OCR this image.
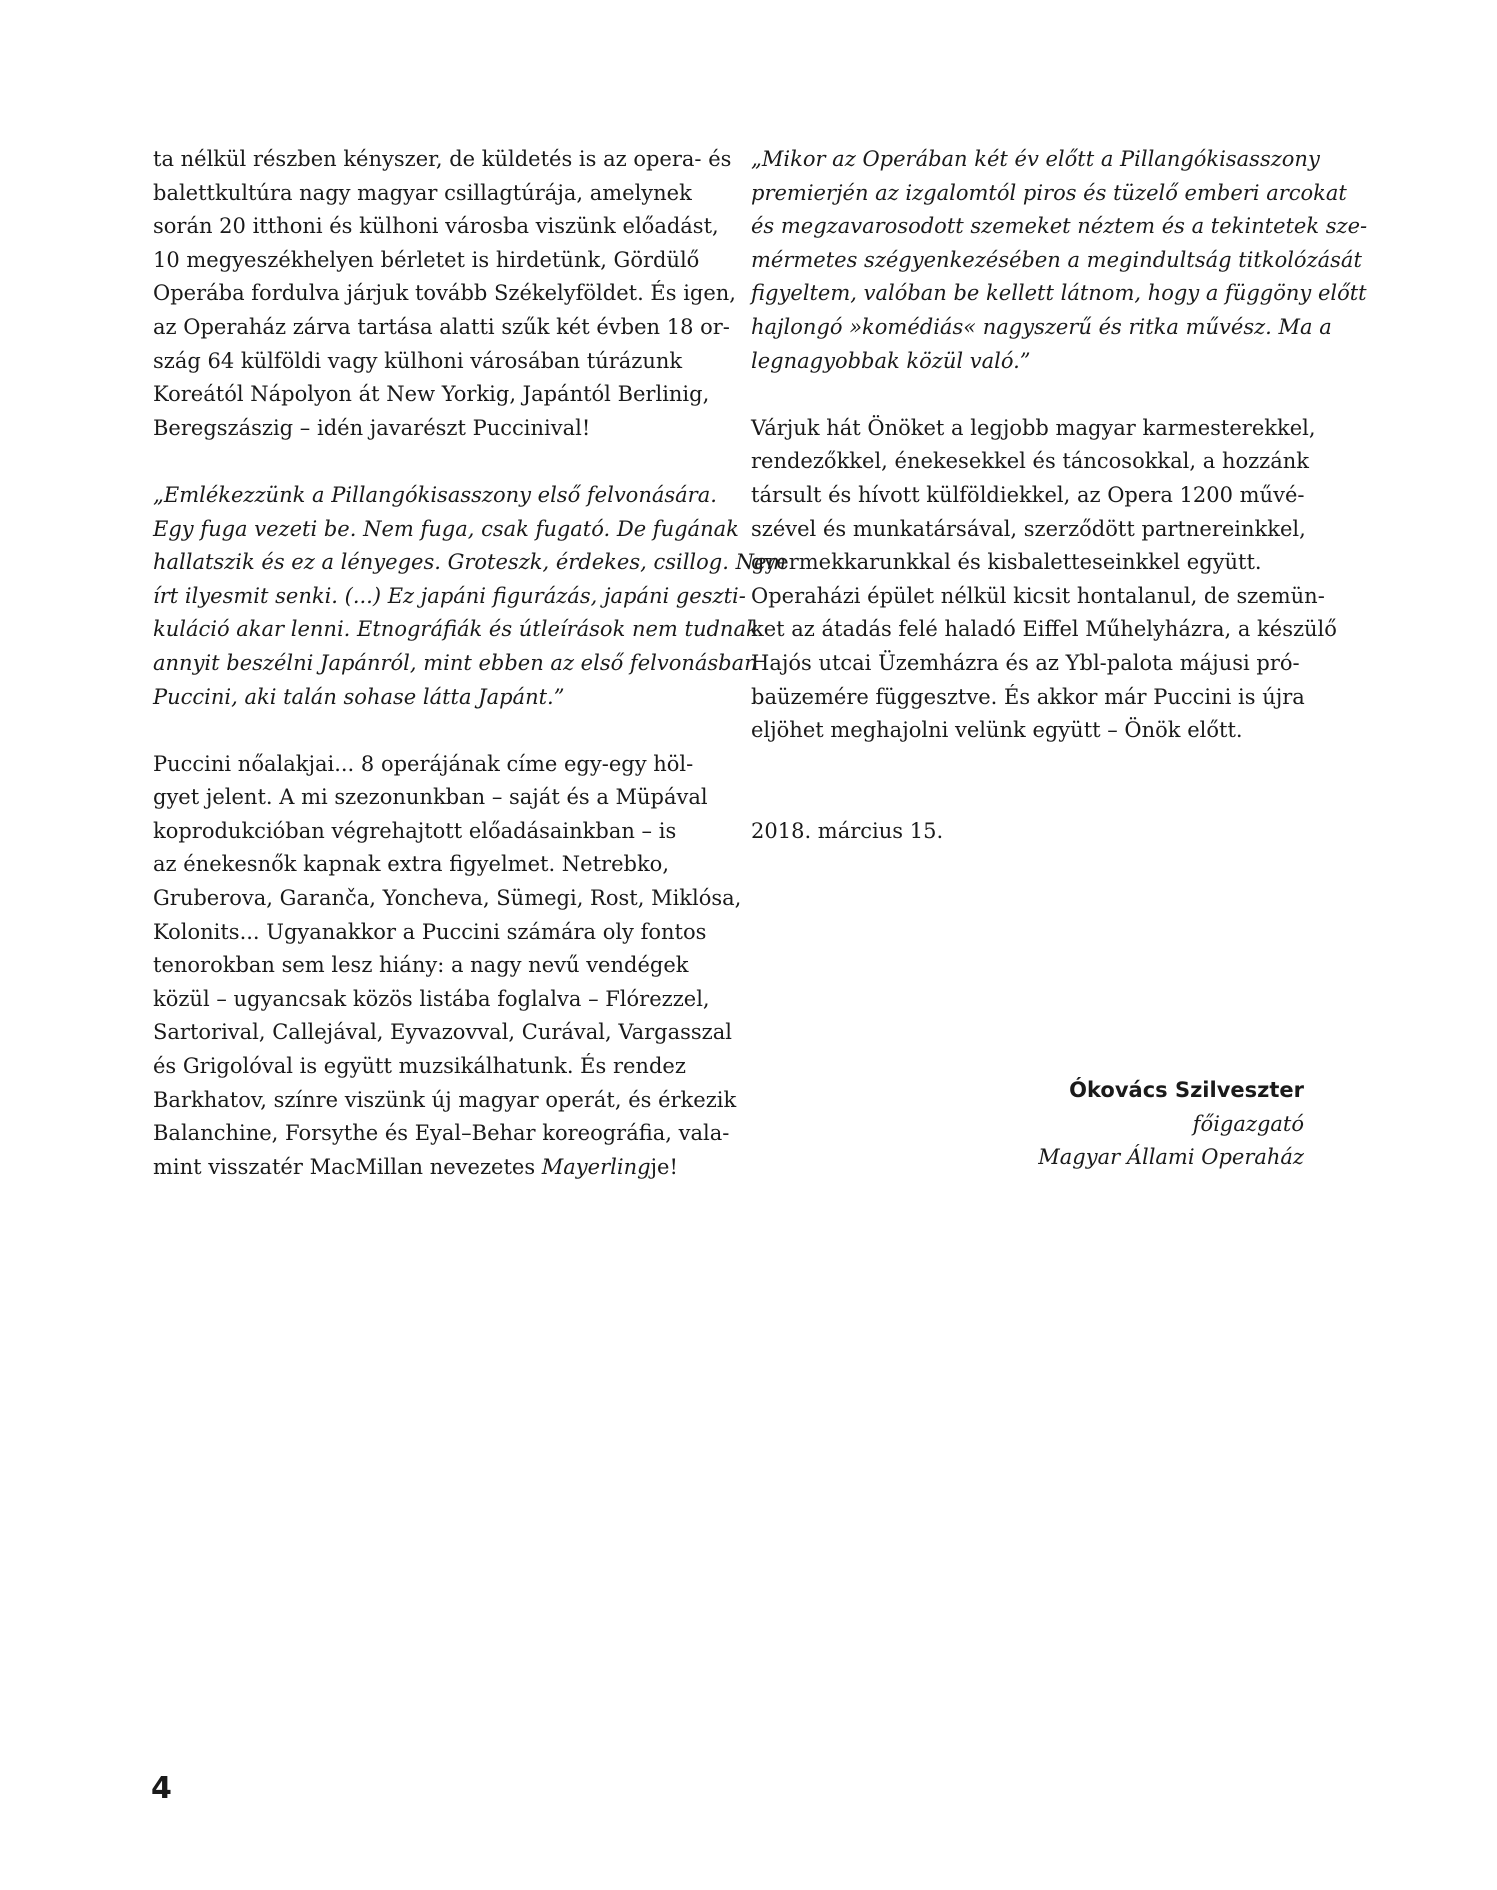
ta nélkül részben kényszer, de küldetés is az opera- és
balettkultúra nagy magyar csillagtúrája, amelynek
során 20 itthoni és külhoni városba viszünk előadást,
10 megyeszékhelyen bérletet is hirdetünk, Gördülő
Operába fordulva járjuk tovább Székelyföldet. És igen,
az Operaház zárva tartása alatti szűk két évben 18 or-
szág 64 külföldi vagy külhoni városában túrázunk
Koreától Nápolyon át New Yorkig, Japántól Berlinig,
Beregszászig – idén javarészt Puccinival!
„Emlékezzünk a Pillangókisasszony első felvonására.
Egy fuga vezeti be. Nem fuga, csak fugató. De fugának
hallatszik és ez a lényeges. Groteszk, érdekes, csillog. Nem
írt ilyesmit senki. (...) Ez japáni figurázás, japáni geszti-
kuláció akar lenni. Etnográfiák és útleírások nem tudnak
annyit beszélni Japánról, mint ebben az első felvonásban
Puccini, aki talán sohase látta Japánt.”
Puccini nőalakjai... 8 operájának címe egy-egy höl-
gyet jelent. A mi szezonunkban – saját és a Müpával
koprodukcióban végrehajtott előadásainkban – is
az énekesnők kapnak extra figyelmet. Netrebko,
Gruberova, Garanča, Yoncheva, Sümegi, Rost, Miklósa,
Kolonits... Ugyanakkor a Puccini számára oly fontos
tenorokban sem lesz hiány: a nagy nevű vendégek
közül – ugyancsak közös listába foglalva – Flórezzel,
Sartorival, Callejával, Eyvazovval, Curával, Vargasszal
és Grigolóval is együtt muzsikálhatunk. És rendez
Barkhatov, színre viszünk új magyar operát, és érkezik
Balanchine, Forsythe és Eyal–Behar koreográfia, vala-
mint visszatér MacMillan nevezetes Mayerlingje!
„Mikor az Operában két év előtt a Pillangókisasszony
premierjén az izgalomtól piros és tüzelő emberi arcokat
és megzavarosodott szemeket néztem és a tekintetek sze-
mérmetes szégyenkezésében a megindultság titkolózását
figyeltem, valóban be kellett látnom, hogy a függöny előtt
hajlongó »komédiás« nagyszerű és ritka művész. Ma a
legnagyobbak közül való.”
Várjuk hát Önöket a legjobb magyar karmesterekkel,
rendezőkkel, énekesekkel és táncosokkal, a hozzánk
társult és hívott külföldiekkel, az Opera 1200 művé-
szével és munkatársával, szerződött partnereinkkel,
gyermekkarunkkal és kisbaletteseinkkel együtt.
Operaházi épület nélkül kicsit hontalanul, de szemün-
ket az átadás felé haladó Eiffel Műhelyházra, a készülő
Hajós utcai Üzemházra és az Ybl-palota májusi pró-
baüzemére függesztve. És akkor már Puccini is újra
eljöhet meghajolni velünk együtt – Önök előtt.
2018. március 15.
Ókovács Szilveszter
főigazgató
Magyar Állami Operaház
4
